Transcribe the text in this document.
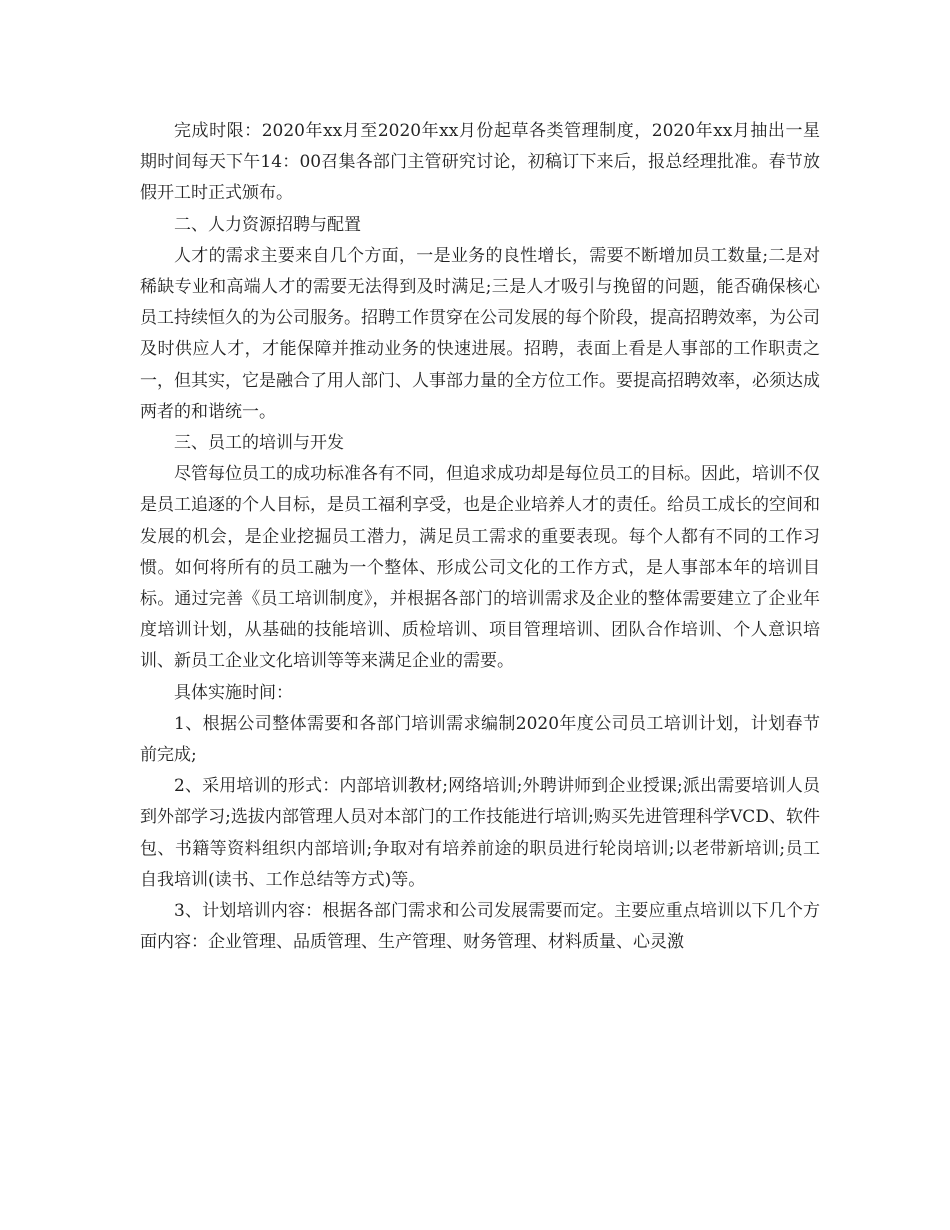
完成时限：2020年xx月至2020年xx月份起草各类管理制度，2020年xx月抽出一星期时间每天下午14：00召集各部门主管研究讨论，初稿订下来后，报总经理批准。春节放假开工时正式颁布。

二、人力资源招聘与配置

人才的需求主要来自几个方面，一是业务的良性增长，需要不断增加员工数量;二是对稀缺专业和高端人才的需要无法得到及时满足;三是人才吸引与挽留的问题，能否确保核心员工持续恒久的为公司服务。招聘工作贯穿在公司发展的每个阶段，提高招聘效率，为公司及时供应人才，才能保障并推动业务的快速进展。招聘，表面上看是人事部的工作职责之一，但其实，它是融合了用人部门、人事部力量的全方位工作。要提高招聘效率，必须达成两者的和谐统一。

三、员工的培训与开发

尽管每位员工的成功标准各有不同，但追求成功却是每位员工的目标。因此，培训不仅是员工追逐的个人目标，是员工福利享受，也是企业培养人才的责任。给员工成长的空间和发展的机会，是企业挖掘员工潜力，满足员工需求的重要表现。每个人都有不同的工作习惯。如何将所有的员工融为一个整体、形成公司文化的工作方式，是人事部本年的培训目标。通过完善《员工培训制度》，并根据各部门的培训需求及企业的整体需要建立了企业年度培训计划，从基础的技能培训、质检培训、项目管理培训、团队合作培训、个人意识培训、新员工企业文化培训等等来满足企业的需要。

具体实施时间：

1、根据公司整体需要和各部门培训需求编制2020年度公司员工培训计划，计划春节前完成;

2、采用培训的形式：内部培训教材;网络培训;外聘讲师到企业授课;派出需要培训人员到外部学习;选拔内部管理人员对本部门的工作技能进行培训;购买先进管理科学VCD、软件包、书籍等资料组织内部培训;争取对有培养前途的职员进行轮岗培训;以老带新培训;员工自我培训(读书、工作总结等方式)等。

3、计划培训内容：根据各部门需求和公司发展需要而定。主要应重点培训以下几个方面内容：企业管理、品质管理、生产管理、财务管理、材料质量、心灵激
